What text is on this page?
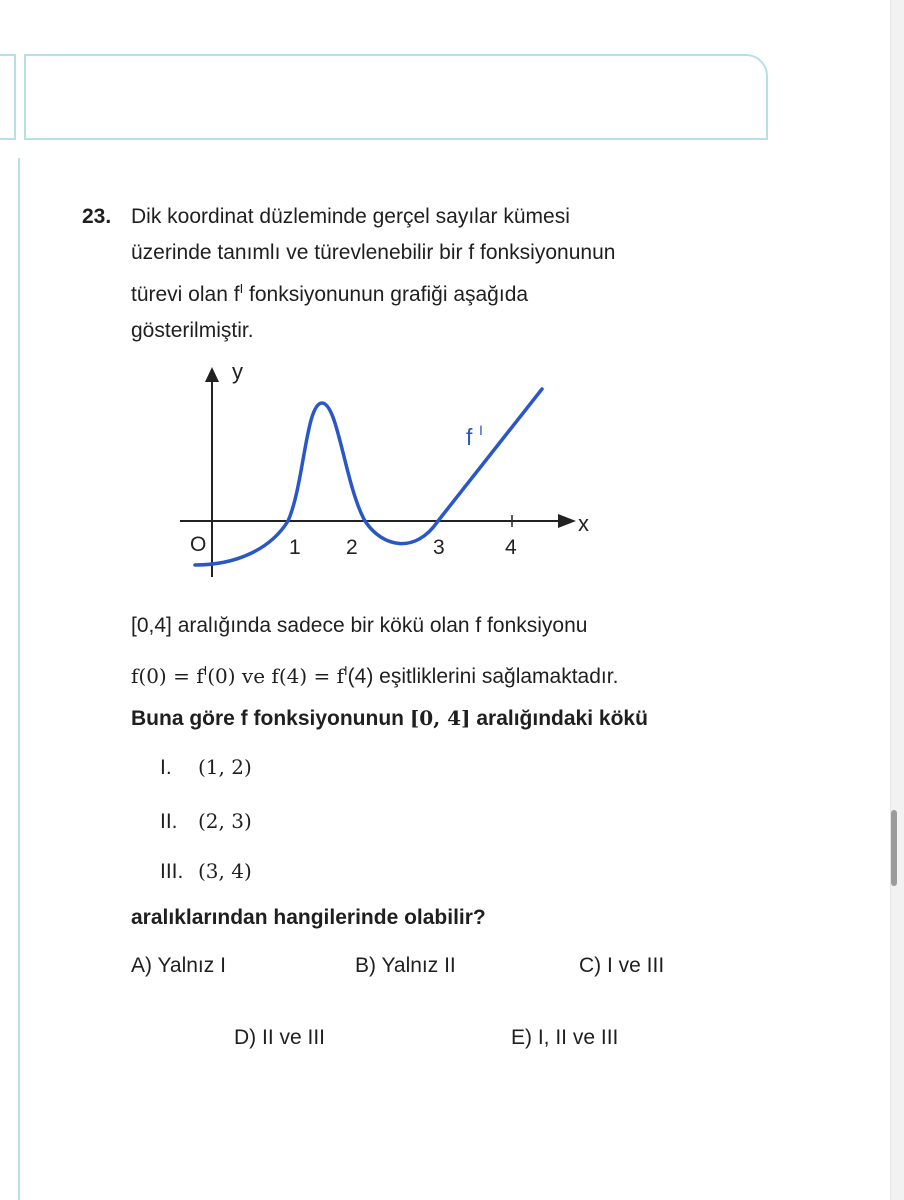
23. Dik koordinat düzleminde gerçel sayılar kümesi
üzerinde tanımlı ve türevlenebilir bir f fonksiyonunun
türevi olan $f^I$ fonksiyonunun grafiği aşağıda
gösterilmiştir.
y
x
O	1 2	3	4
f I
[0,4] aralığında sadece bir kökü olan f fonksiyonu
$f(0) = f^I(0)$ ve $f(4) = f^I(4)$ eşitliklerini sağlamaktadır.
Buna göre f fonksiyonunun [0, 4] aralığındaki kökü
I. (1, 2)
II. (2, 3)
III. (3, 4)
aralıklarından hangilerinde olabilir?
A) Yalnız I	B) Yalnız II	C) I ve III
D) II ve III	E) I, II ve III
